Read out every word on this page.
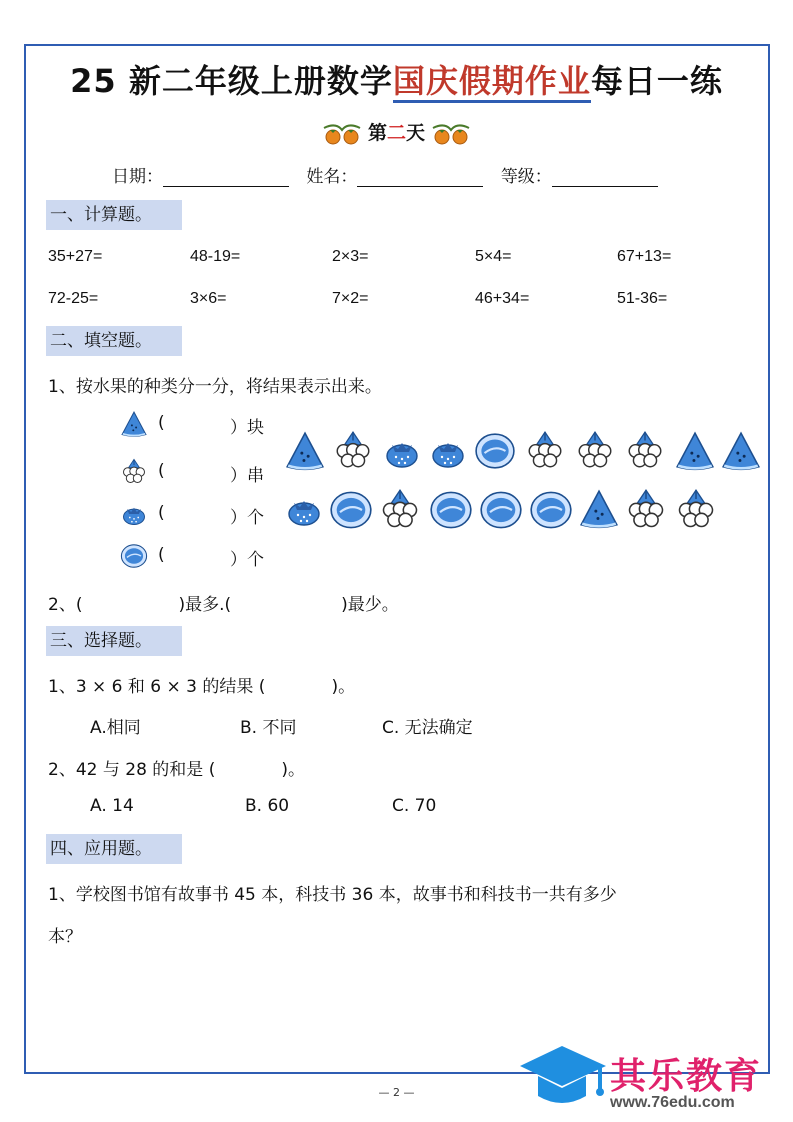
25 新二年级上册数学国庆假期作业每日一练
第二天
日期：	姓名：	等级：
一、计算题。
35+27=	48-19=	2×3=	5×4=	67+13=
72-25=	3×6=	7×2=	46+34=	51-36=
二、填空题。
1、按水果的种类分一分，将结果表示出来。
(	）块
(	）串
(	）个
(	）个
2、(	)最多.(	)最少。
三、选择题。
1、3 × 6 和 6 × 3 的结果 (	)。
A.相同	B. 不同	C. 无法确定
2、42 与 28 的和是 (	)。
A. 14	B. 60	C. 70
四、应用题。
1、学校图书馆有故事书 45 本，科技书 36 本，故事书和科技书一共有多少
本？
其乐教育
www.76edu.com
— 2 —
